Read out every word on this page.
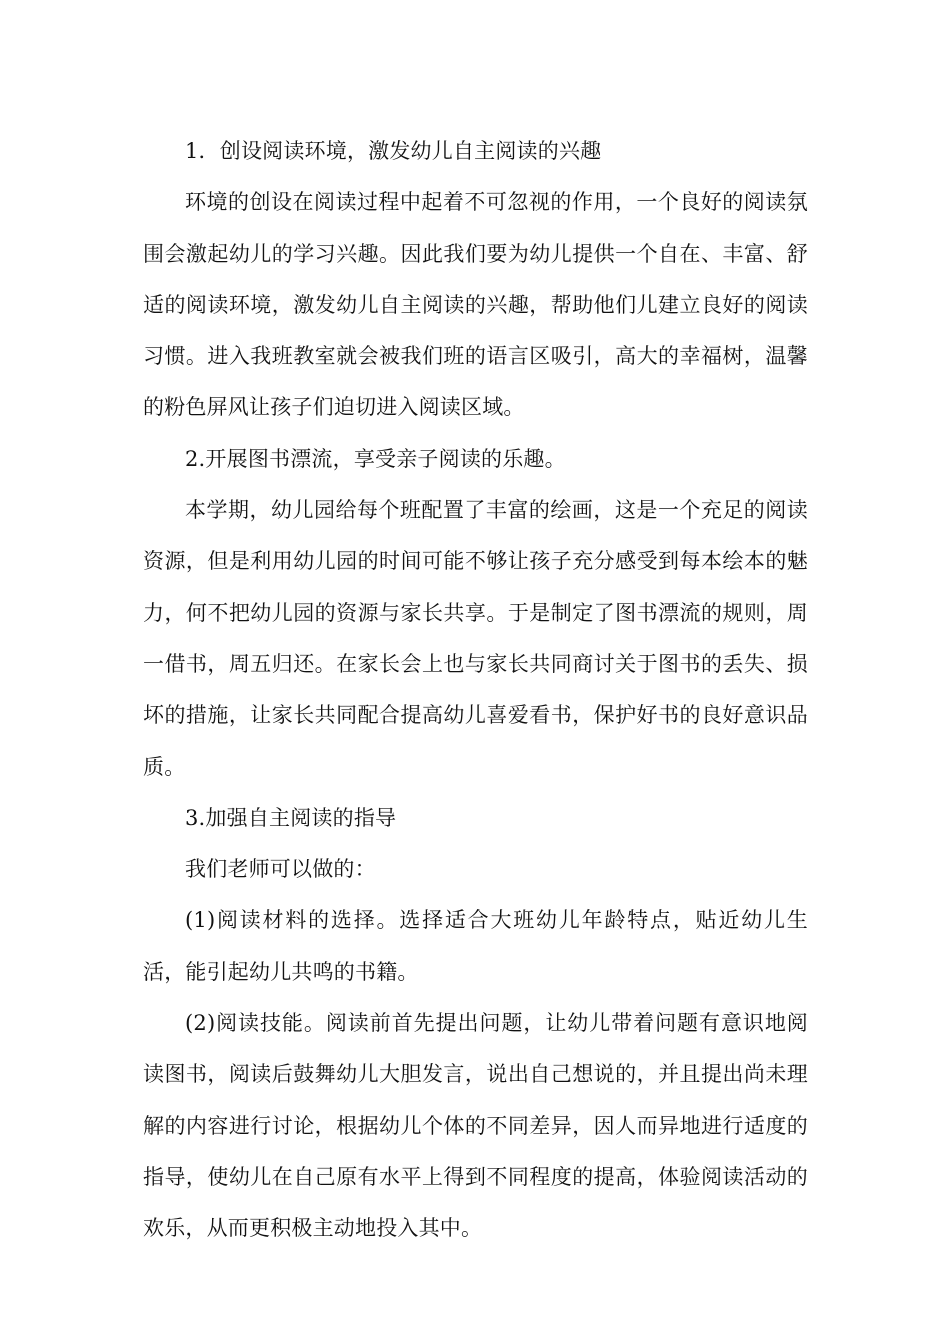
1．创设阅读环境，激发幼儿自主阅读的兴趣

环境的创设在阅读过程中起着不可忽视的作用，一个良好的阅读氛围会激起幼儿的学习兴趣。因此我们要为幼儿提供一个自在、丰富、舒适的阅读环境，激发幼儿自主阅读的兴趣，帮助他们儿建立良好的阅读习惯。进入我班教室就会被我们班的语言区吸引，高大的幸福树，温馨的粉色屏风让孩子们迫切进入阅读区域。

2.开展图书漂流，享受亲子阅读的乐趣。

本学期，幼儿园给每个班配置了丰富的绘画，这是一个充足的阅读资源，但是利用幼儿园的时间可能不够让孩子充分感受到每本绘本的魅力，何不把幼儿园的资源与家长共享。于是制定了图书漂流的规则，周一借书，周五归还。在家长会上也与家长共同商讨关于图书的丢失、损坏的措施，让家长共同配合提高幼儿喜爱看书，保护好书的良好意识品质。

3.加强自主阅读的指导

我们老师可以做的：

(1)阅读材料的选择。选择适合大班幼儿年龄特点，贴近幼儿生活，能引起幼儿共鸣的书籍。

(2)阅读技能。阅读前首先提出问题，让幼儿带着问题有意识地阅读图书，阅读后鼓舞幼儿大胆发言，说出自己想说的，并且提出尚未理解的内容进行讨论，根据幼儿个体的不同差异，因人而异地进行适度的指导，使幼儿在自己原有水平上得到不同程度的提高，体验阅读活动的欢乐，从而更积极主动地投入其中。
